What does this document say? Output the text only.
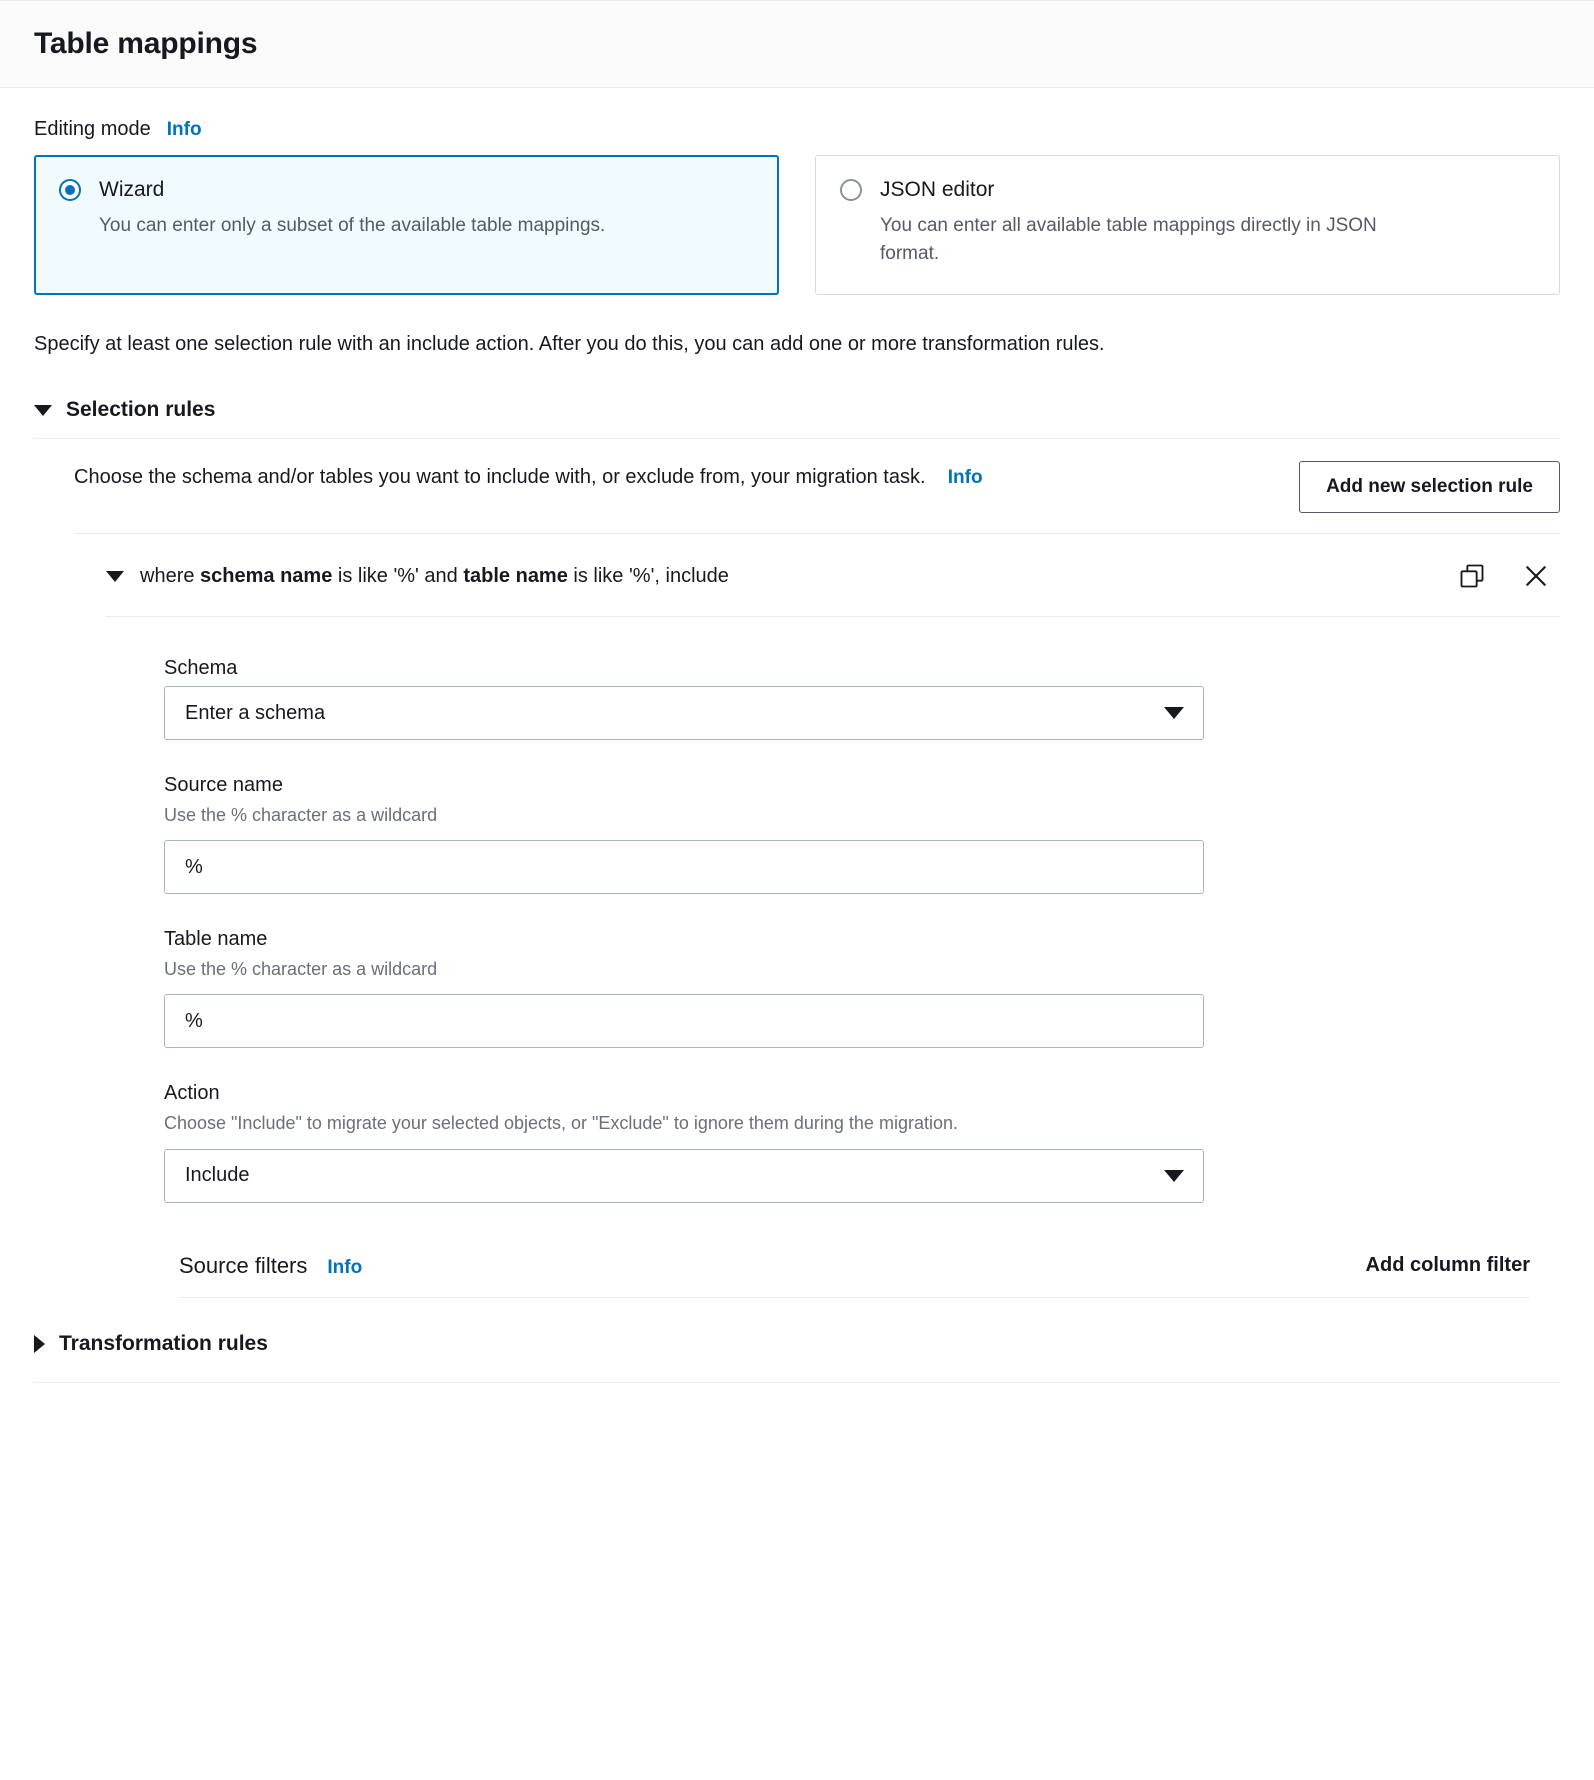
Table mappings
Editing mode Info
Wizard
You can enter only a subset of the available table mappings.
JSON editor
You can enter all available table mappings directly in JSON format.

Specify at least one selection rule with an include action. After you do this, you can add one or more transformation rules.

Selection rules
Choose the schema and/or tables you want to include with, or exclude from, your migration task. Info	Add new selection rule
where schema name is like '%' and table name is like '%', include
Schema
Enter a schema
Source name
Use the % character as a wildcard
%
Table name
Use the % character as a wildcard
%
Action
Choose "Include" to migrate your selected objects, or "Exclude" to ignore them during the migration.
Include
Source filters Info	Add column filter
Transformation rules
